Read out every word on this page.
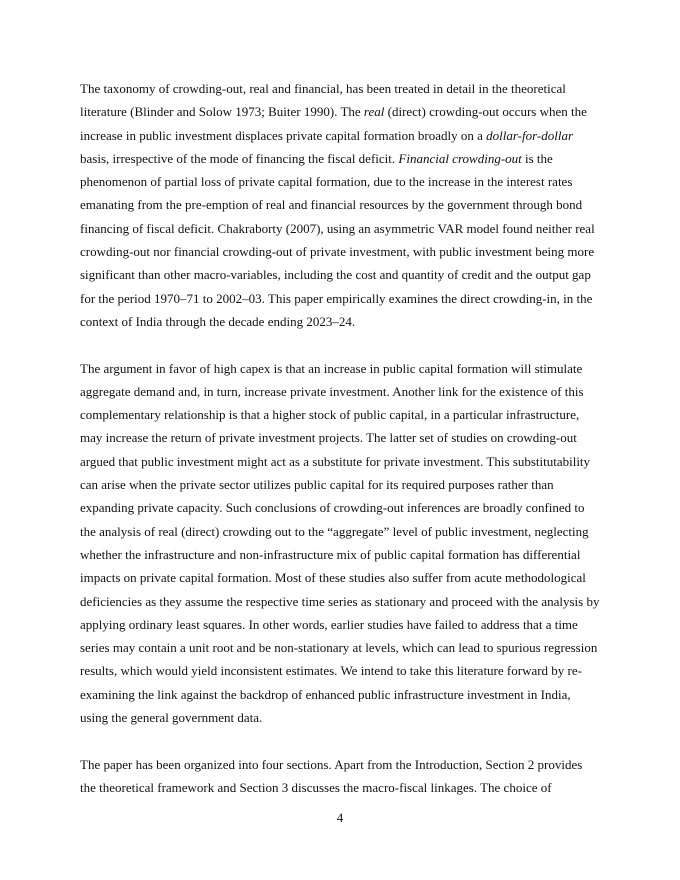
The taxonomy of crowding-out, real and financial, has been treated in detail in the theoretical literature (Blinder and Solow 1973; Buiter 1990). The real (direct) crowding-out occurs when the increase in public investment displaces private capital formation broadly on a dollar-for-dollar basis, irrespective of the mode of financing the fiscal deficit. Financial crowding-out is the phenomenon of partial loss of private capital formation, due to the increase in the interest rates emanating from the pre-emption of real and financial resources by the government through bond financing of fiscal deficit. Chakraborty (2007), using an asymmetric VAR model found neither real crowding-out nor financial crowding-out of private investment, with public investment being more significant than other macro-variables, including the cost and quantity of credit and the output gap for the period 1970–71 to 2002–03. This paper empirically examines the direct crowding-in, in the context of India through the decade ending 2023–24.

The argument in favor of high capex is that an increase in public capital formation will stimulate aggregate demand and, in turn, increase private investment. Another link for the existence of this complementary relationship is that a higher stock of public capital, in a particular infrastructure, may increase the return of private investment projects. The latter set of studies on crowding-out argued that public investment might act as a substitute for private investment. This substitutability can arise when the private sector utilizes public capital for its required purposes rather than expanding private capacity. Such conclusions of crowding-out inferences are broadly confined to the analysis of real (direct) crowding out to the “aggregate” level of public investment, neglecting whether the infrastructure and non-infrastructure mix of public capital formation has differential impacts on private capital formation. Most of these studies also suffer from acute methodological deficiencies as they assume the respective time series as stationary and proceed with the analysis by applying ordinary least squares. In other words, earlier studies have failed to address that a time series may contain a unit root and be non-stationary at levels, which can lead to spurious regression results, which would yield inconsistent estimates. We intend to take this literature forward by re-examining the link against the backdrop of enhanced public infrastructure investment in India, using the general government data.

The paper has been organized into four sections. Apart from the Introduction, Section 2 provides the theoretical framework and Section 3 discusses the macro-fiscal linkages. The choice of

4
